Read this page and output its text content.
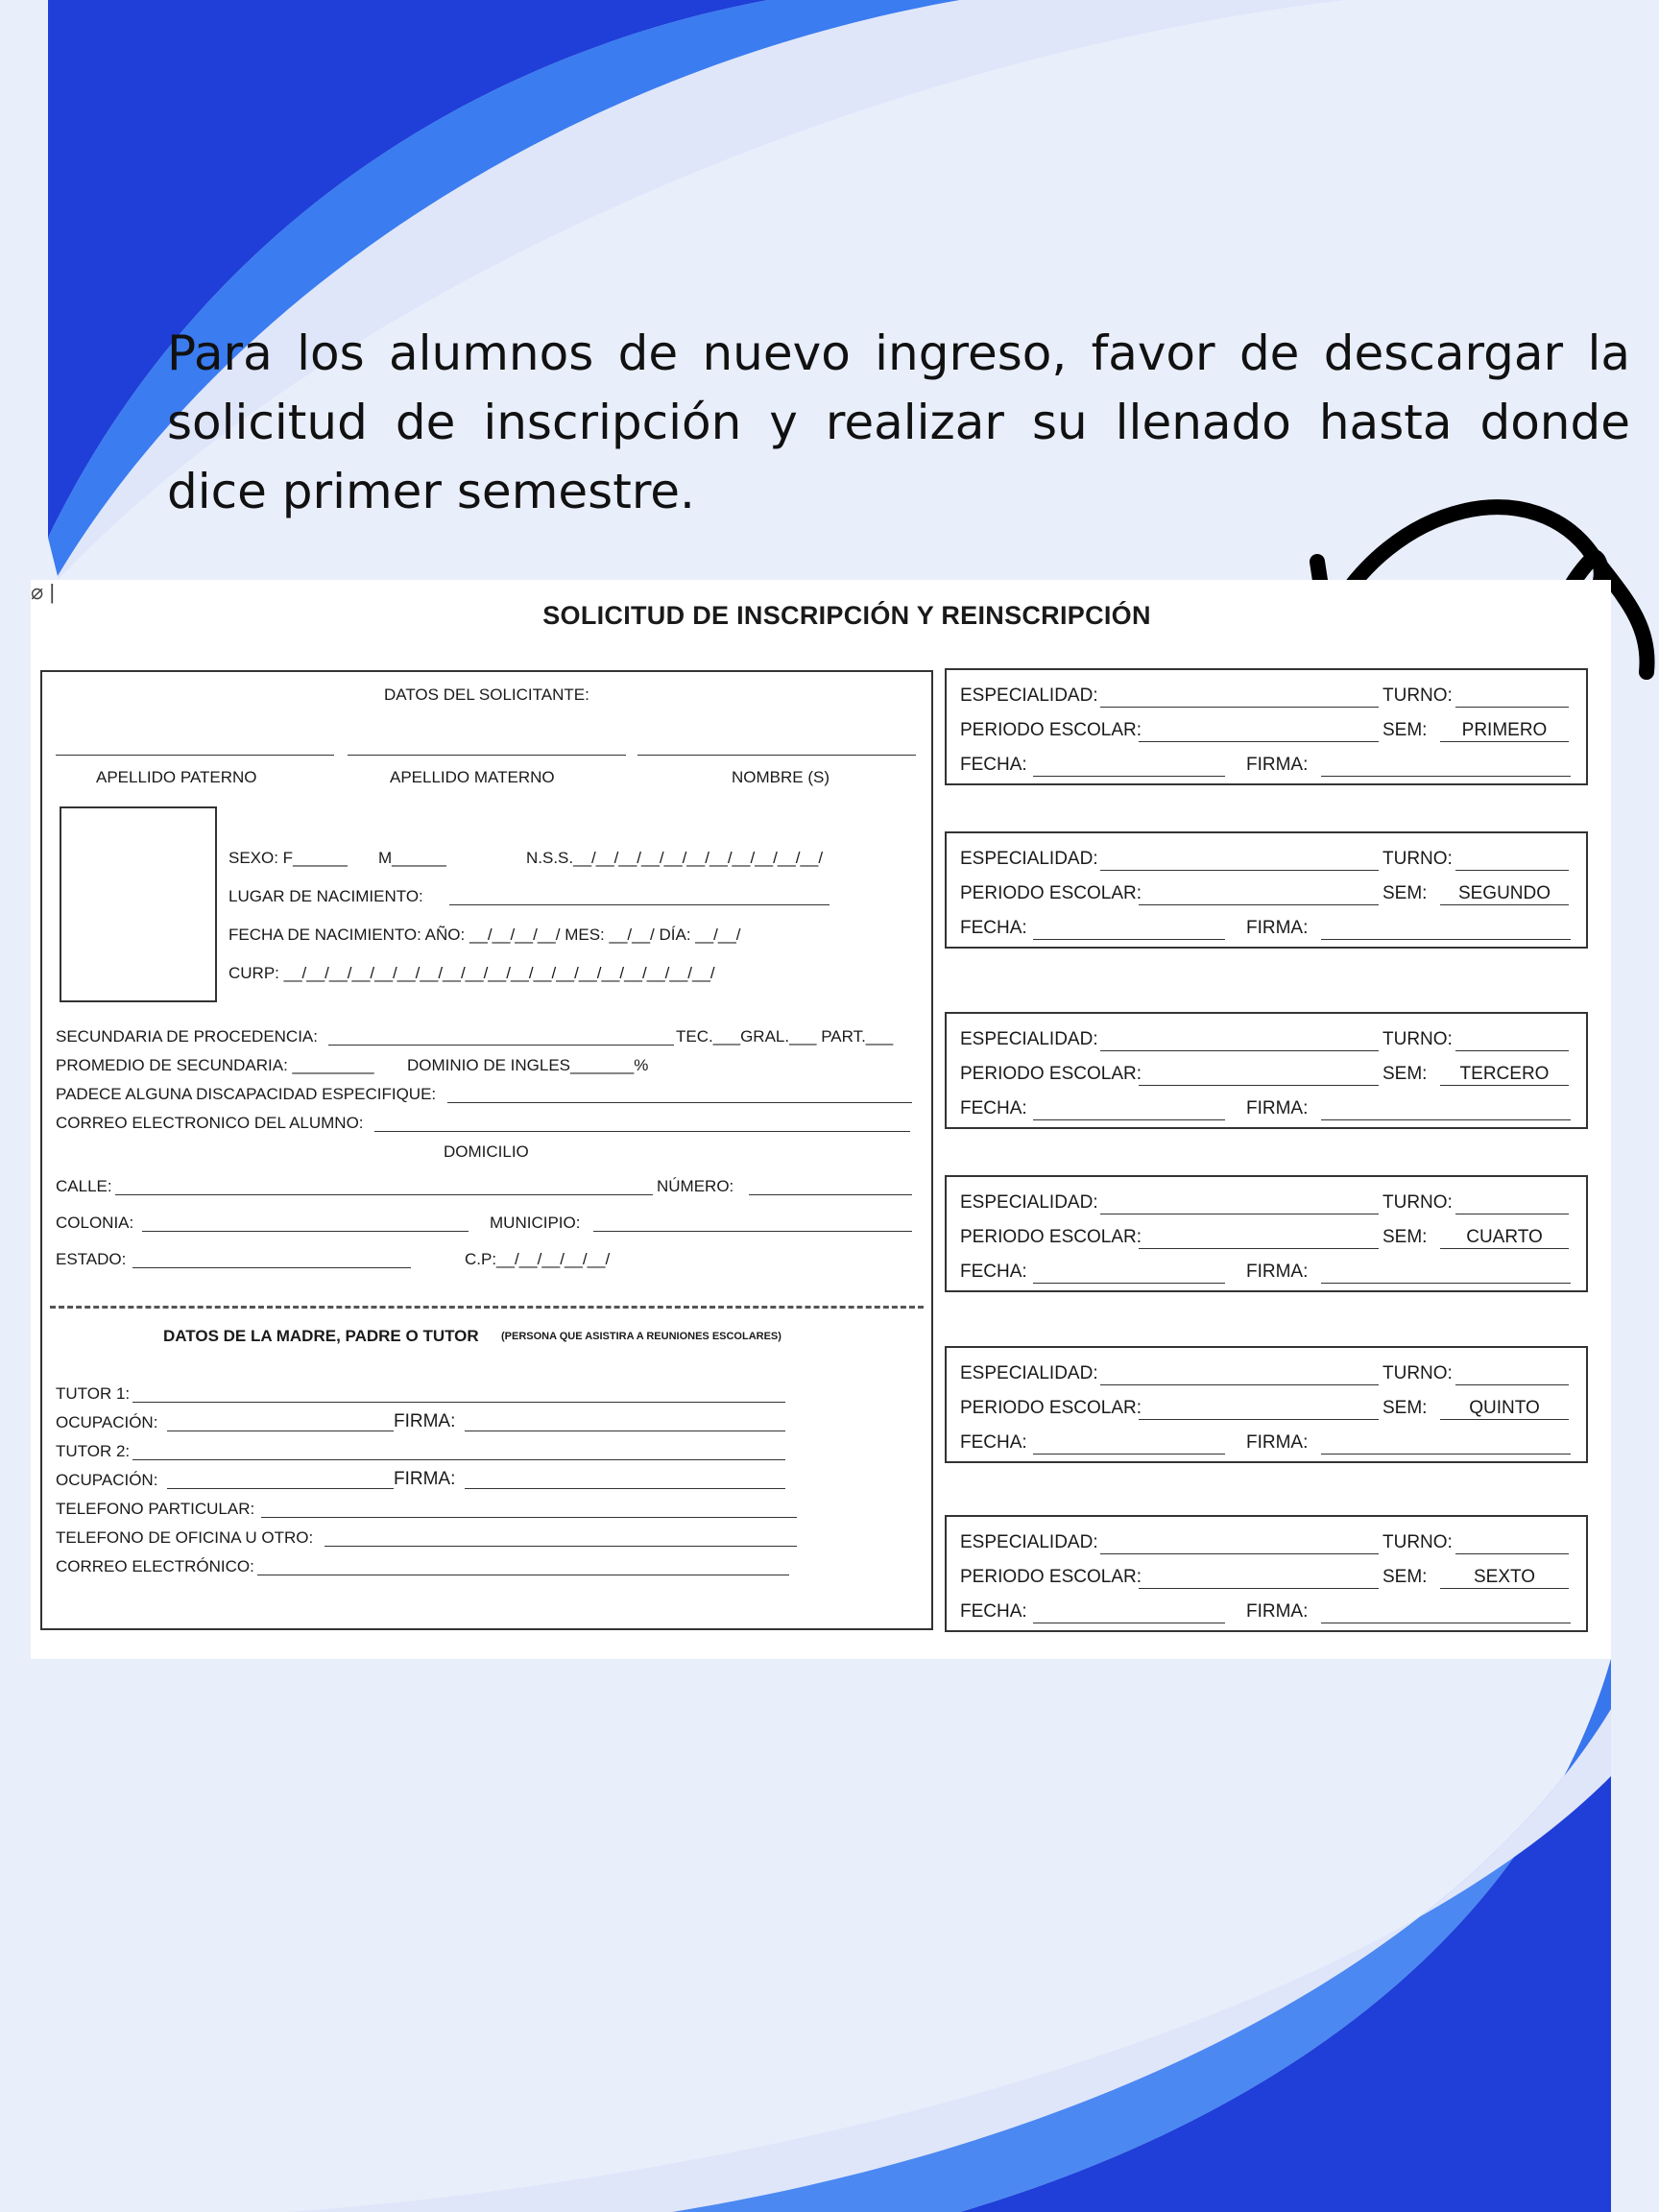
Para los alumnos de nuevo ingreso, favor de descargar la solicitud de inscripción y realizar su llenado hasta donde dice primer semestre.

⌀ |
SOLICITUD DE INSCRIPCIÓN Y REINSCRIPCIÓN
DATOS DEL SOLICITANTE:
APELLIDO PATERNO	APELLIDO MATERNO	NOMBRE (S)
SEXO: F______ M______	N.S.S.__/__/__/__/__/__/__/__/__/__/__/
LUGAR DE NACIMIENTO:
FECHA DE NACIMIENTO: AÑO: __/__/__/__/ MES: __/__/ DÍA: __/__/
CURP: __/__/__/__/__/__/__/__/__/__/__/__/__/__/__/__/__/__/__/
SECUNDARIA DE PROCEDENCIA:	TEC.___GRAL.___ PART.___
PROMEDIO DE SECUNDARIA: _________ DOMINIO DE INGLES_______%
PADECE ALGUNA DISCAPACIDAD ESPECIFIQUE:
CORREO ELECTRONICO DEL ALUMNO:
DOMICILIO
CALLE:	NÚMERO:
COLONIA:	MUNICIPIO:
ESTADO:	C.P:__/__/__/__/__/
DATOS DE LA MADRE, PADRE O TUTOR (PERSONA QUE ASISTIRA A REUNIONES ESCOLARES)
TUTOR 1:
OCUPACIÓN:	FIRMA:
TUTOR 2:
OCUPACIÓN:	FIRMA:
TELEFONO PARTICULAR:
TELEFONO DE OFICINA U OTRO:
CORREO ELECTRÓNICO:
ESPECIALIDAD:	TURNO:
PERIODO ESCOLAR:	SEM:	PRIMERO
FECHA:	FIRMA:
ESPECIALIDAD:	TURNO:
PERIODO ESCOLAR:	SEM:	SEGUNDO
FECHA:	FIRMA:
ESPECIALIDAD:	TURNO:
PERIODO ESCOLAR:	SEM:	TERCERO
FECHA:	FIRMA:
ESPECIALIDAD:	TURNO:
PERIODO ESCOLAR:	SEM:	CUARTO
FECHA:	FIRMA:
ESPECIALIDAD:	TURNO:
PERIODO ESCOLAR:	SEM:	QUINTO
FECHA:	FIRMA:
ESPECIALIDAD:	TURNO:
PERIODO ESCOLAR:	SEM:	SEXTO
FECHA:	FIRMA:
